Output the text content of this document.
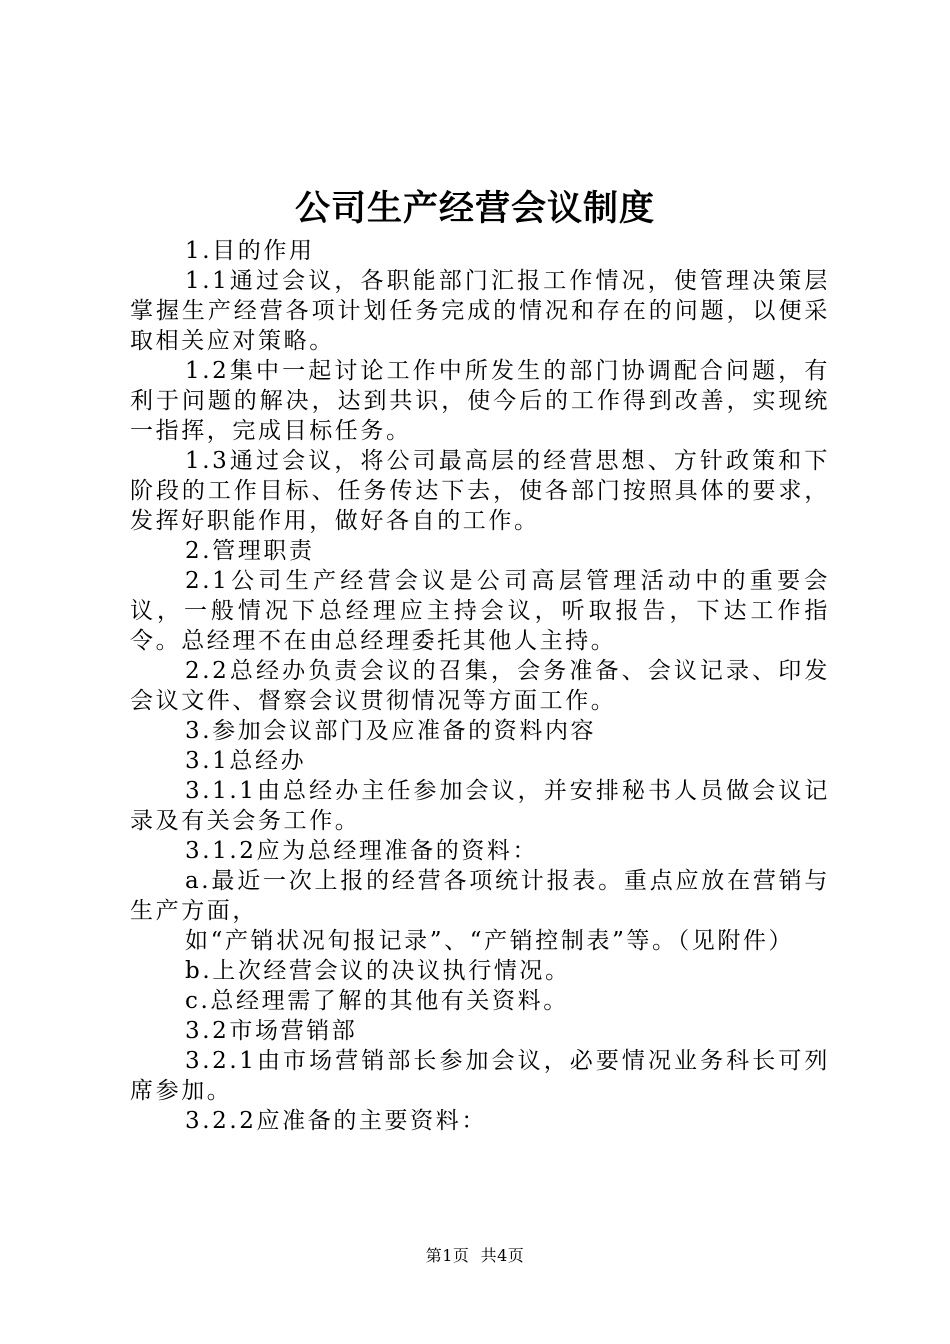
公司生产经营会议制度

1.目的作用

1.1通过会议，各职能部门汇报工作情况，使管理决策层掌握生产经营各项计划任务完成的情况和存在的问题，以便采取相关应对策略。

1.2集中一起讨论工作中所发生的部门协调配合问题，有利于问题的解决，达到共识，使今后的工作得到改善，实现统一指挥，完成目标任务。

1.3通过会议，将公司最高层的经营思想、方针政策和下阶段的工作目标、任务传达下去，使各部门按照具体的要求，发挥好职能作用，做好各自的工作。

2.管理职责

2.1公司生产经营会议是公司高层管理活动中的重要会议，一般情况下总经理应主持会议，听取报告，下达工作指令。总经理不在由总经理委托其他人主持。

2.2总经办负责会议的召集，会务准备、会议记录、印发会议文件、督察会议贯彻情况等方面工作。

3.参加会议部门及应准备的资料内容

3.1总经办

3.1.1由总经办主任参加会议，并安排秘书人员做会议记录及有关会务工作。

3.1.2应为总经理准备的资料：

a.最近一次上报的经营各项统计报表。重点应放在营销与生产方面，

如“产销状况旬报记录”、“产销控制表”等。（见附件）

b.上次经营会议的决议执行情况。

c.总经理需了解的其他有关资料。

3.2市场营销部

3.2.1由市场营销部长参加会议，必要情况业务科长可列席参加。

3.2.2应准备的主要资料：

第1页 共4页
